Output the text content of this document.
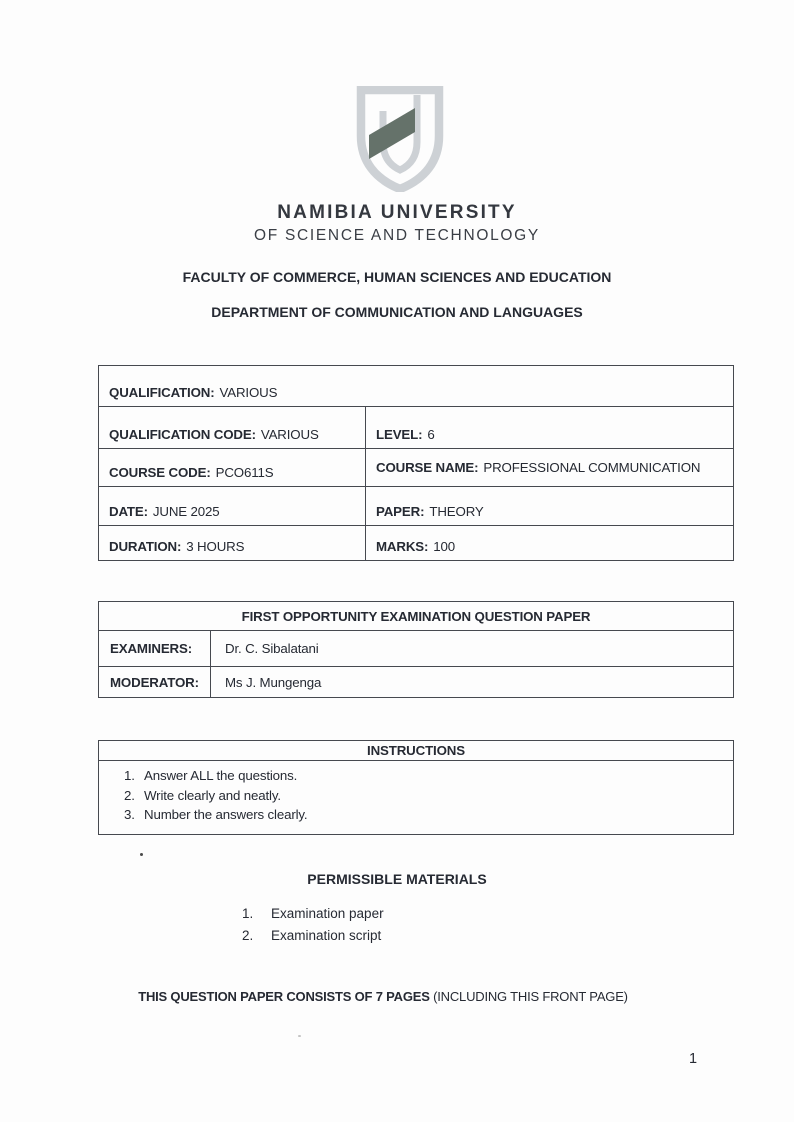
NAMIBIA UNIVERSITY
OF SCIENCE AND TECHNOLOGY
FACULTY OF COMMERCE, HUMAN SCIENCES AND EDUCATION
DEPARTMENT OF COMMUNICATION AND LANGUAGES
QUALIFICATION: VARIOUS
QUALIFICATION CODE: VARIOUS	LEVEL: 6
COURSE CODE: PCO611S	COURSE NAME: PROFESSIONAL COMMUNICATION
DATE: JUNE 2025	PAPER: THEORY
DURATION: 3 HOURS	MARKS: 100
FIRST OPPORTUNITY EXAMINATION QUESTION PAPER
EXAMINERS:	Dr. C. Sibalatani
MODERATOR:	Ms J. Mungenga
INSTRUCTIONS
1. Answer ALL the questions.
2. Write clearly and neatly.
3. Number the answers clearly.
PERMISSIBLE MATERIALS
1.	Examination paper
2.	Examination script
THIS QUESTION PAPER CONSISTS OF 7 PAGES (INCLUDING THIS FRONT PAGE)
1
